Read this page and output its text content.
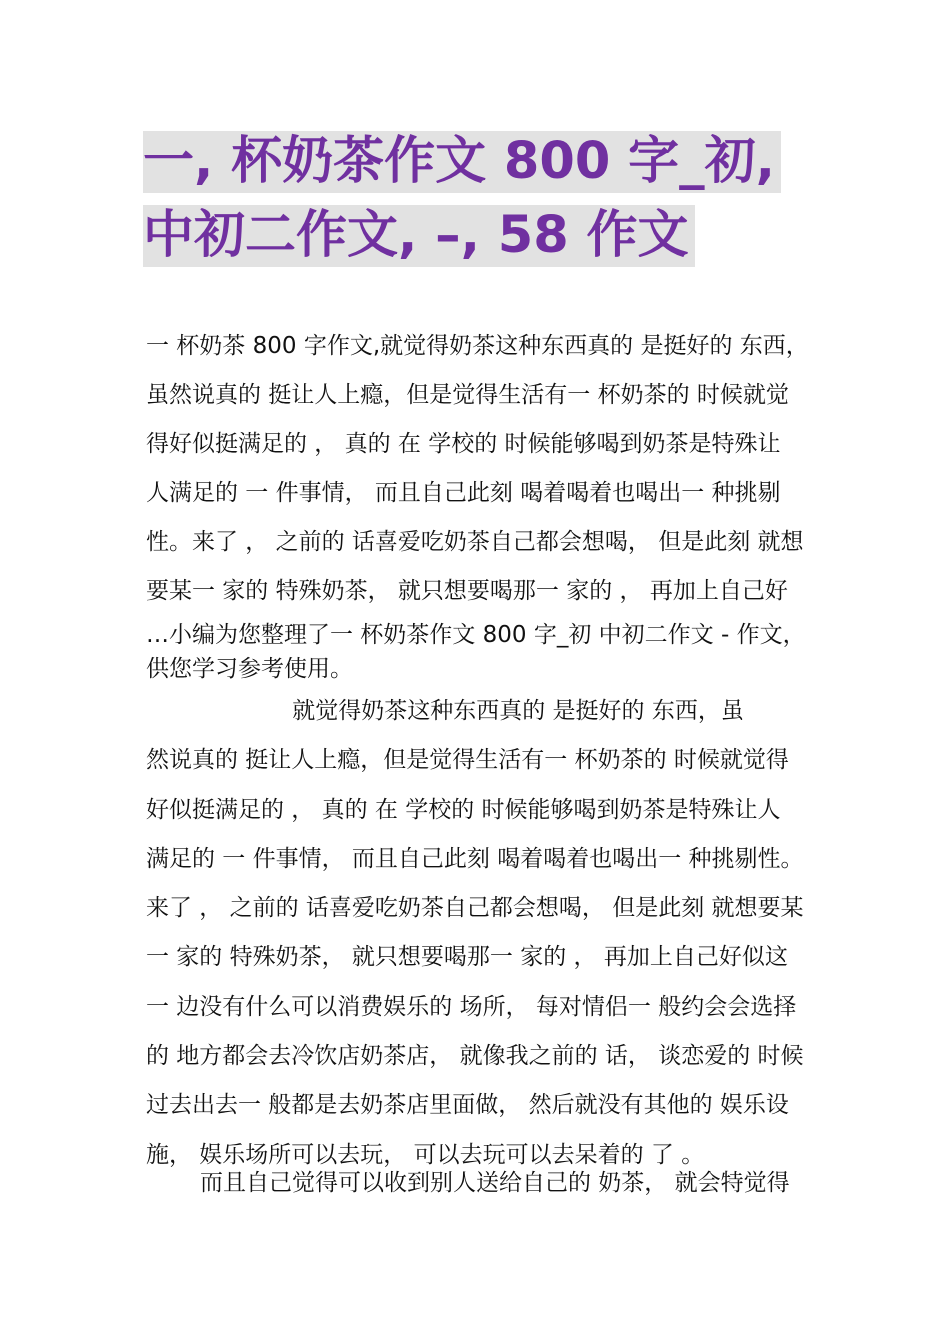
一, 杯奶茶作文 800 字_初,
中初二作文, –, 58 作文
一 杯奶茶 800 字作文,就觉得奶茶这种东西真的 是挺好的 东西，
虽然说真的 挺让人上瘾，但是觉得生活有一 杯奶茶的 时候就觉
得好似挺满足的 ， 真的 在 学校的 时候能够喝到奶茶是特殊让
人满足的 一 件事情， 而且自己此刻 喝着喝着也喝出一 种挑剔
性。来了 ， 之前的 话喜爱吃奶茶自己都会想喝， 但是此刻 就想
要某一 家的 特殊奶茶， 就只想要喝那一 家的 ， 再加上自己好
…小编为您整理了一 杯奶茶作文 800 字_初 中初二作文 - 作文，
供您学习参考使用。
就觉得奶茶这种东西真的 是挺好的 东西，虽
然说真的 挺让人上瘾，但是觉得生活有一 杯奶茶的 时候就觉得
好似挺满足的 ， 真的 在 学校的 时候能够喝到奶茶是特殊让人
满足的 一 件事情， 而且自己此刻 喝着喝着也喝出一 种挑剔性。
来了 ， 之前的 话喜爱吃奶茶自己都会想喝， 但是此刻 就想要某
一 家的 特殊奶茶， 就只想要喝那一 家的 ， 再加上自己好似这
一 边没有什么可以消费娱乐的 场所， 每对情侣一 般约会会选择
的 地方都会去冷饮店奶茶店， 就像我之前的 话， 谈恋爱的 时候
过去出去一 般都是去奶茶店里面做， 然后就没有其他的 娱乐设
施， 娱乐场所可以去玩， 可以去玩可以去呆着的 了 。
而且自己觉得可以收到别人送给自己的 奶茶， 就会特觉得
